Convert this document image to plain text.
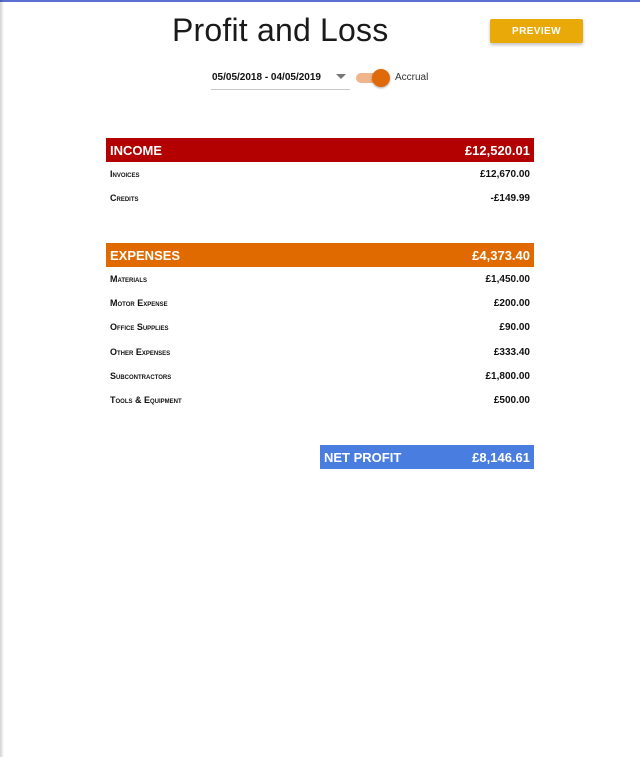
Profit and Loss	PREVIEW
05/05/2018 - 04/05/2019	Accrual
INCOME	£12,520.01
Invoices	£12,670.00
Credits	-£149.99
EXPENSES	£4,373.40
Materials	£1,450.00
Motor Expense	£200.00
Office Supplies	£90.00
Other Expenses	£333.40
Subcontractors	£1,800.00
Tools & Equipment	£500.00
NET PROFIT	£8,146.61
